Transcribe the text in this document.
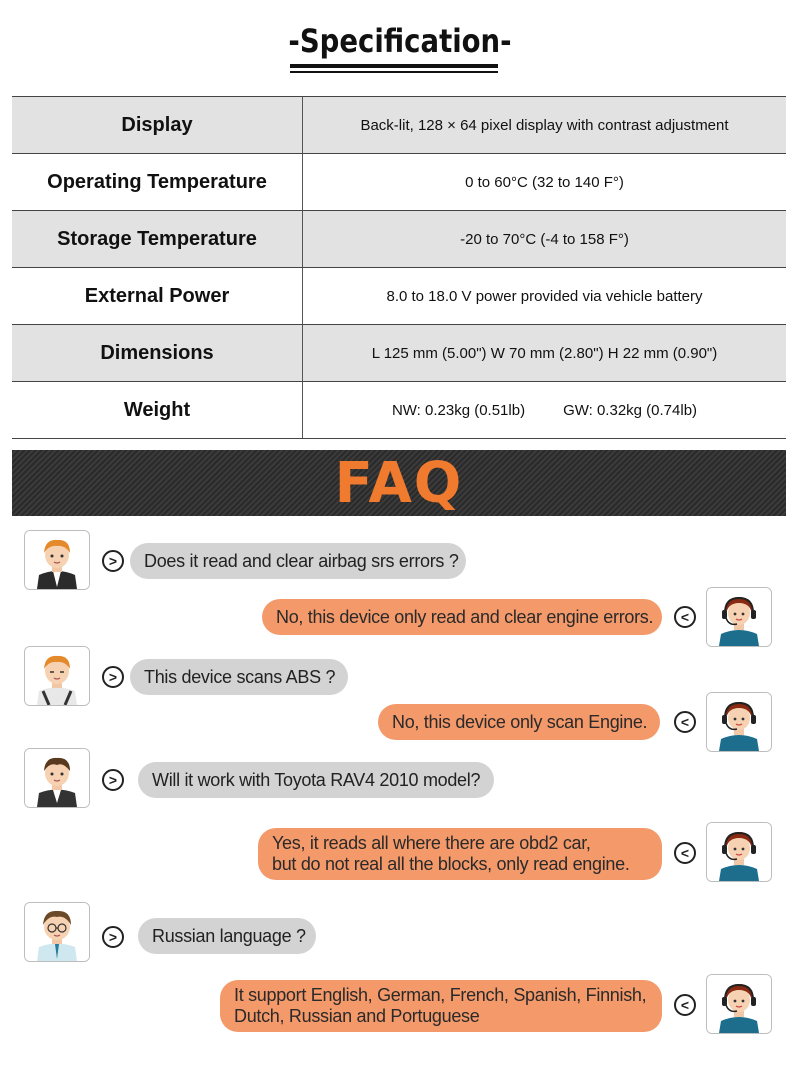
-Specification-
Display	Back-lit, 128 × 64 pixel display with contrast adjustment
Operating Temperature	0 to 60°C (32 to 140 F°)
Storage Temperature	-20 to 70°C (-4 to 158 F°)
External Power	8.0 to 18.0 V power provided via vehicle battery
Dimensions	L 125 mm (5.00") W 70 mm (2.80") H 22 mm (0.90")
Weight	NW: 0.23kg (0.51lb)	GW: 0.32kg (0.74lb)
FAQ
>	Does it read and clear airbag srs errors ?
No, this device only read and clear engine errors.	<
>	This device scans ABS ?
No, this device only scan Engine.	<
>	Will it work with Toyota RAV4 2010 model?
Yes, it reads all where there are obd2 car,
but do not real all the blocks, only read engine.
<
>	Russian language ?
It support English, German, French, Spanish, Finnish,
Dutch, Russian and Portuguese
<
